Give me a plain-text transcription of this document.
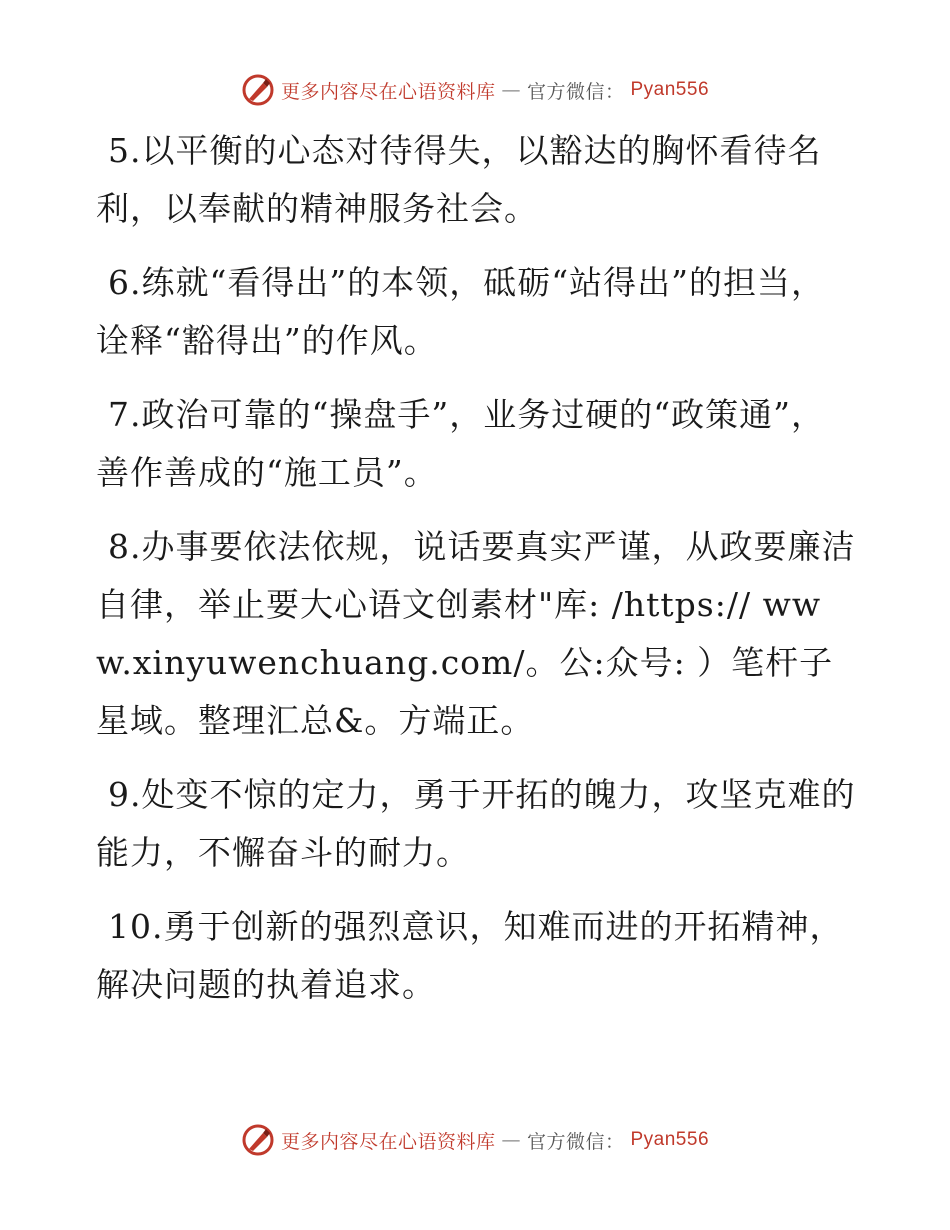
更多内容尽在心语资料库 — 官方微信： Pyan556

5.以平衡的心态对待得失，以豁达的胸怀看待名利，以奉献的精神服务社会。

6.练就“看得出”的本领，砥砺“站得出”的担当，诠释“豁得出”的作风。

7.政治可靠的“操盘手”，业务过硬的“政策通”，善作善成的“施工员”。

8.办事要依法依规，说话要真实严谨，从政要廉洁自律，举止要大心语文创素材"库: /https:// www.xinyuwenchuang.com/。公:众号: ）笔杆子星域。整理汇总&。方端正。

9.处变不惊的定力，勇于开拓的魄力，攻坚克难的能力，不懈奋斗的耐力。

10.勇于创新的强烈意识，知难而进的开拓精神，解决问题的执着追求。

更多内容尽在心语资料库 — 官方微信： Pyan556
